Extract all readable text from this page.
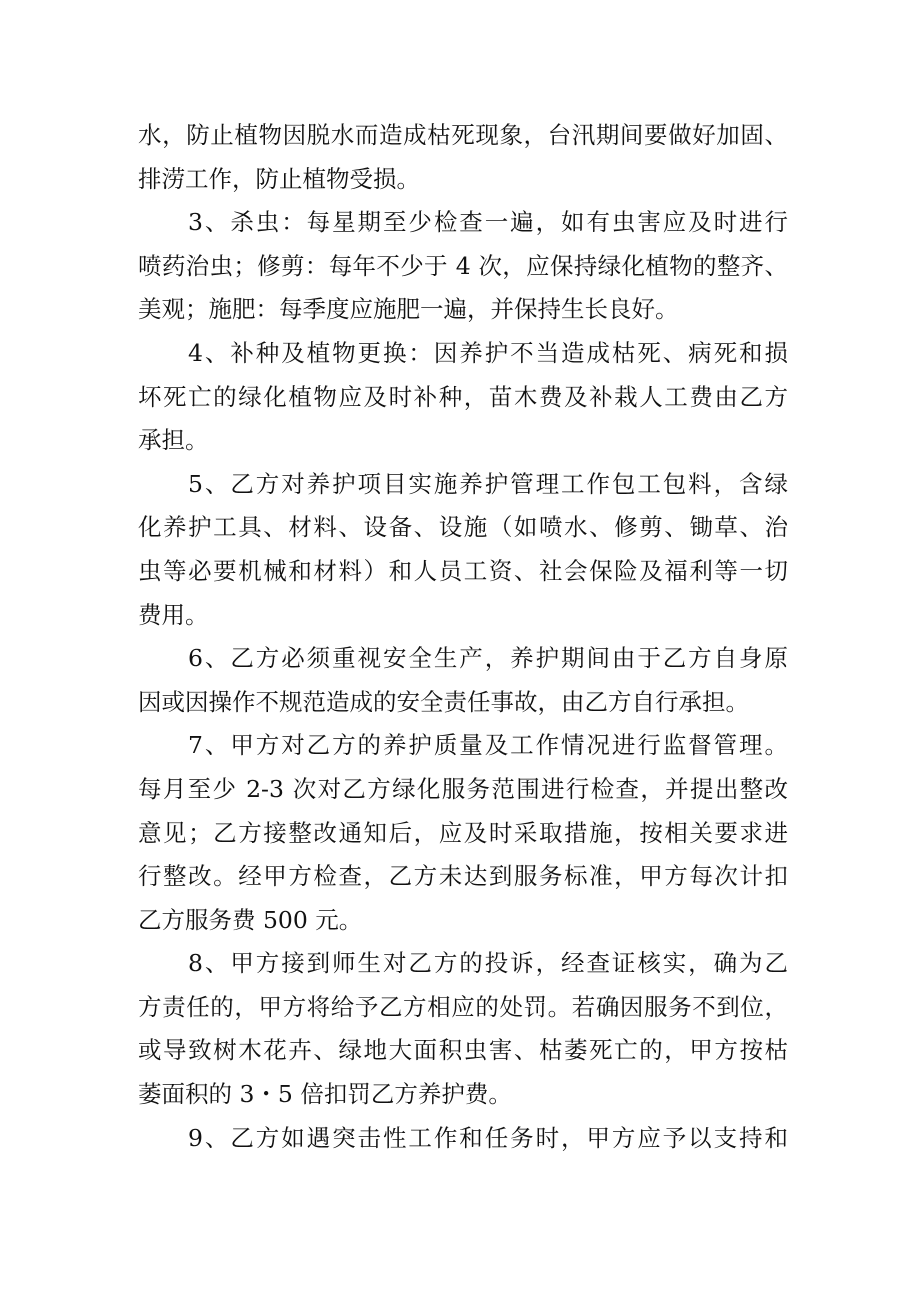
水，防止植物因脱水而造成枯死现象，台汛期间要做好加固、
排涝工作，防止植物受损。
3、杀虫：每星期至少检查一遍，如有虫害应及时进行
喷药治虫；修剪：每年不少于 4 次，应保持绿化植物的整齐、
美观；施肥：每季度应施肥一遍，并保持生长良好。
4、补种及植物更换：因养护不当造成枯死、病死和损
坏死亡的绿化植物应及时补种，苗木费及补栽人工费由乙方
承担。
5、乙方对养护项目实施养护管理工作包工包料，含绿
化养护工具、材料、设备、设施（如喷水、修剪、锄草、治
虫等必要机械和材料）和人员工资、社会保险及福利等一切
费用。
6、乙方必须重视安全生产，养护期间由于乙方自身原
因或因操作不规范造成的安全责任事故，由乙方自行承担。
7、甲方对乙方的养护质量及工作情况进行监督管理。
每月至少 2-3 次对乙方绿化服务范围进行检查，并提出整改
意见；乙方接整改通知后，应及时采取措施，按相关要求进
行整改。经甲方检查，乙方未达到服务标准，甲方每次计扣
乙方服务费 500 元。
8、甲方接到师生对乙方的投诉，经查证核实，确为乙
方责任的，甲方将给予乙方相应的处罚。若确因服务不到位，
或导致树木花卉、绿地大面积虫害、枯萎死亡的，甲方按枯
萎面积的 3・5 倍扣罚乙方养护费。
9、乙方如遇突击性工作和任务时，甲方应予以支持和
